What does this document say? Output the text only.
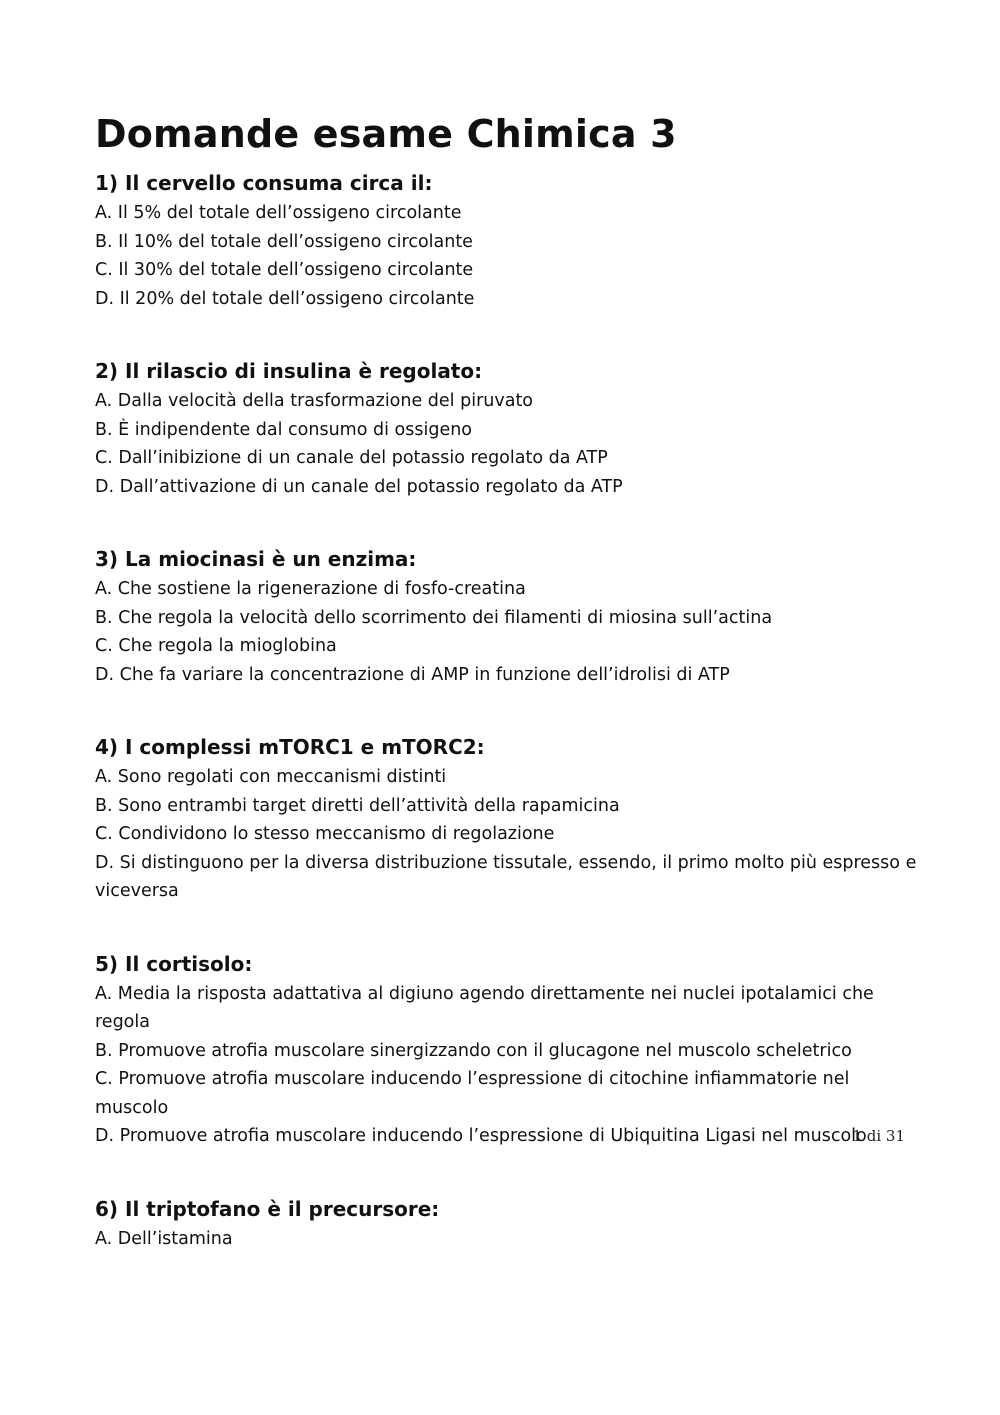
Domande esame Chimica 3
1) Il cervello consuma circa il:
A. Il 5% del totale dell’ossigeno circolante
B. Il 10% del totale dell’ossigeno circolante
C. Il 30% del totale dell’ossigeno circolante
D. Il 20% del totale dell’ossigeno circolante
2) Il rilascio di insulina è regolato:
A. Dalla velocità della trasformazione del piruvato
B. È indipendente dal consumo di ossigeno
C. Dall’inibizione di un canale del potassio regolato da ATP
D. Dall’attivazione di un canale del potassio regolato da ATP
3) La miocinasi è un enzima:
A. Che sostiene la rigenerazione di fosfo-creatina
B. Che regola la velocità dello scorrimento dei filamenti di miosina sull’actina
C. Che regola la mioglobina
D. Che fa variare la concentrazione di AMP in funzione dell’idrolisi di ATP
4) I complessi mTORC1 e mTORC2:
A. Sono regolati con meccanismi distinti
B. Sono entrambi target diretti dell’attività della rapamicina
C. Condividono lo stesso meccanismo di regolazione
D. Si distinguono per la diversa distribuzione tissutale, essendo, il primo molto più espresso e viceversa
5) Il cortisolo:
A. Media la risposta adattativa al digiuno agendo direttamente nei nuclei ipotalamici che regola
B. Promuove atrofia muscolare sinergizzando con il glucagone nel muscolo scheletrico
C. Promuove atrofia muscolare inducendo l’espressione di citochine infiammatorie nel muscolo
D. Promuove atrofia muscolare inducendo l’espressione di Ubiquitina Ligasi nel muscolo
6) Il triptofano è il precursore:
A. Dell’istamina
1 di 31
